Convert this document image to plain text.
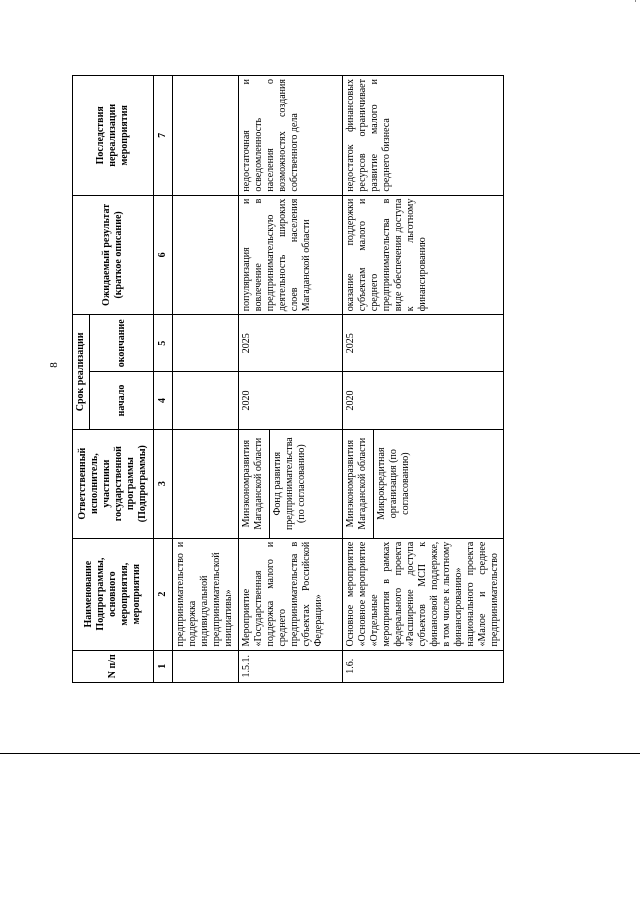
8
N п/п	Наименование Подпрограммы, основного мероприятия, мероприятия	Ответственный исполнитель, участники государственной программы (Подпрограммы)	Срок реализации		Ожидаемый результат (краткое описание)	Последствия нереализации мероприятия
			начало	окончание		
1	2	3	4	5	6	7
	предпринимательство и поддержка индивидуальной предпринимательской инициативы»					
1.5.1.	Мероприятие «Государственная поддержка малого и среднего предпринимательства в субъектах Российской Федерации»	Минэкономразвития Магаданской области Фонд развития предпринимательства (по согласованию)	2020	2025	популяризация и вовлечение в предпринимательскую деятельность широких слоев населения Магаданской области	недостаточная и осведомленность населения о возможностях создания собственного дела
1.6.	Основное мероприятие «Основное мероприятие «Отдельные мероприятия в рамках федерального проекта «Расширение доступа субъектов МСП к финансовой поддержке, в том числе к льготному финансированию» национального проекта «Малое и среднее предпринимательство	Минэкономразвития Магаданской области Микрокредитная организация (по согласованию)	2020	2025	оказание поддержки субъектам малого и среднего предпринимательства в виде обеспечения доступа к льготному финансированию	недостаток финансовых ресурсов ограничивает развитие малого и среднего бизнеса
